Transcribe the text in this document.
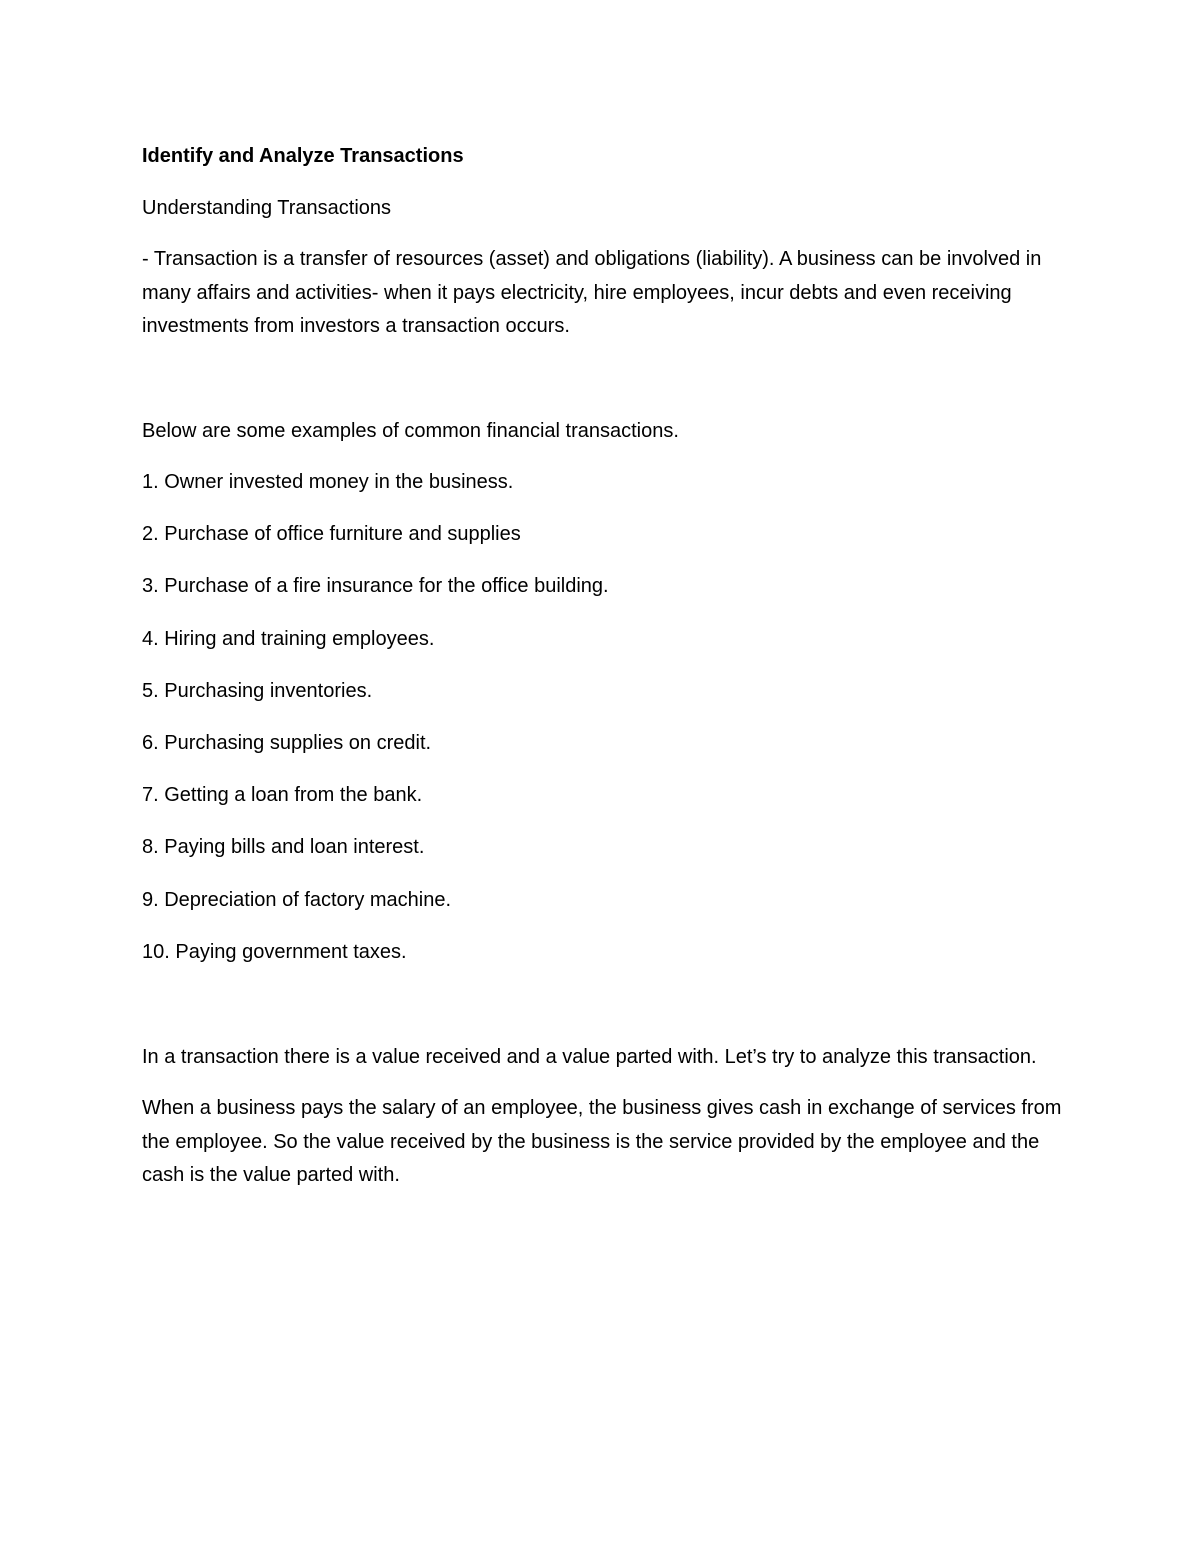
Identify and Analyze Transactions

Understanding Transactions

- Transaction is a transfer of resources (asset) and obligations (liability). A business can be involved in many affairs and activities- when it pays electricity, hire employees, incur debts and even receiving investments from investors a transaction occurs.

Below are some examples of common financial transactions.

1. Owner invested money in the business.
2. Purchase of office furniture and supplies
3. Purchase of a fire insurance for the office building.
4. Hiring and training employees.
5. Purchasing inventories.
6. Purchasing supplies on credit.
7. Getting a loan from the bank.
8. Paying bills and loan interest.
9. Depreciation of factory machine.
10. Paying government taxes.

In a transaction there is a value received and a value parted with. Let’s try to analyze this transaction.

When a business pays the salary of an employee, the business gives cash in exchange of services from the employee. So the value received by the business is the service provided by the employee and the cash is the value parted with.
